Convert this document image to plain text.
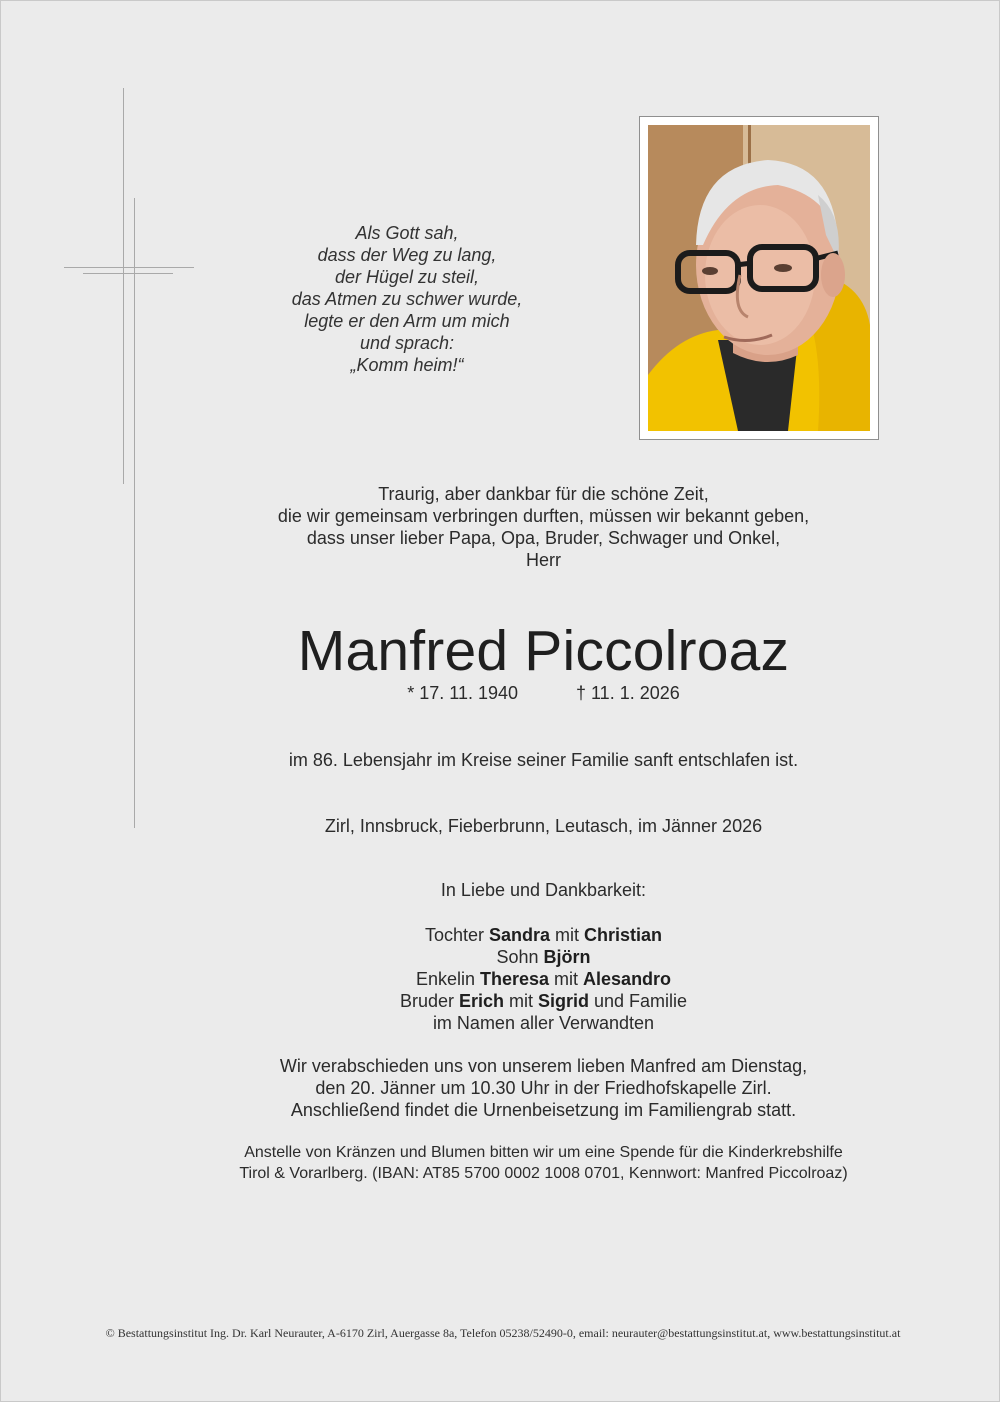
Als Gott sah,
dass der Weg zu lang,
der Hügel zu steil,
das Atmen zu schwer wurde,
legte er den Arm um mich
und sprach:
„Komm heim!“
Traurig, aber dankbar für die schöne Zeit,
die wir gemeinsam verbringen durften, müssen wir bekannt geben,
dass unser lieber Papa, Opa, Bruder, Schwager und Onkel,
Herr
Manfred Piccolroaz
* 17. 11. 1940	† 11. 1. 2026
im 86. Lebensjahr im Kreise seiner Familie sanft entschlafen ist.
Zirl, Innsbruck, Fieberbrunn, Leutasch, im Jänner 2026
In Liebe und Dankbarkeit:
Tochter Sandra mit Christian
Sohn Björn
Enkelin Theresa mit Alesandro
Bruder Erich mit Sigrid und Familie
im Namen aller Verwandten
Wir verabschieden uns von unserem lieben Manfred am Dienstag,
den 20. Jänner um 10.30 Uhr in der Friedhofskapelle Zirl.
Anschließend findet die Urnenbeisetzung im Familiengrab statt.
Anstelle von Kränzen und Blumen bitten wir um eine Spende für die Kinderkrebshilfe
Tirol & Vorarlberg. (IBAN: AT85 5700 0002 1008 0701, Kennwort: Manfred Piccolroaz)
© Bestattungsinstitut Ing. Dr. Karl Neurauter, A-6170 Zirl, Auergasse 8a, Telefon 05238/52490-0, email: neurauter@bestattungsinstitut.at, www.bestattungsinstitut.at
